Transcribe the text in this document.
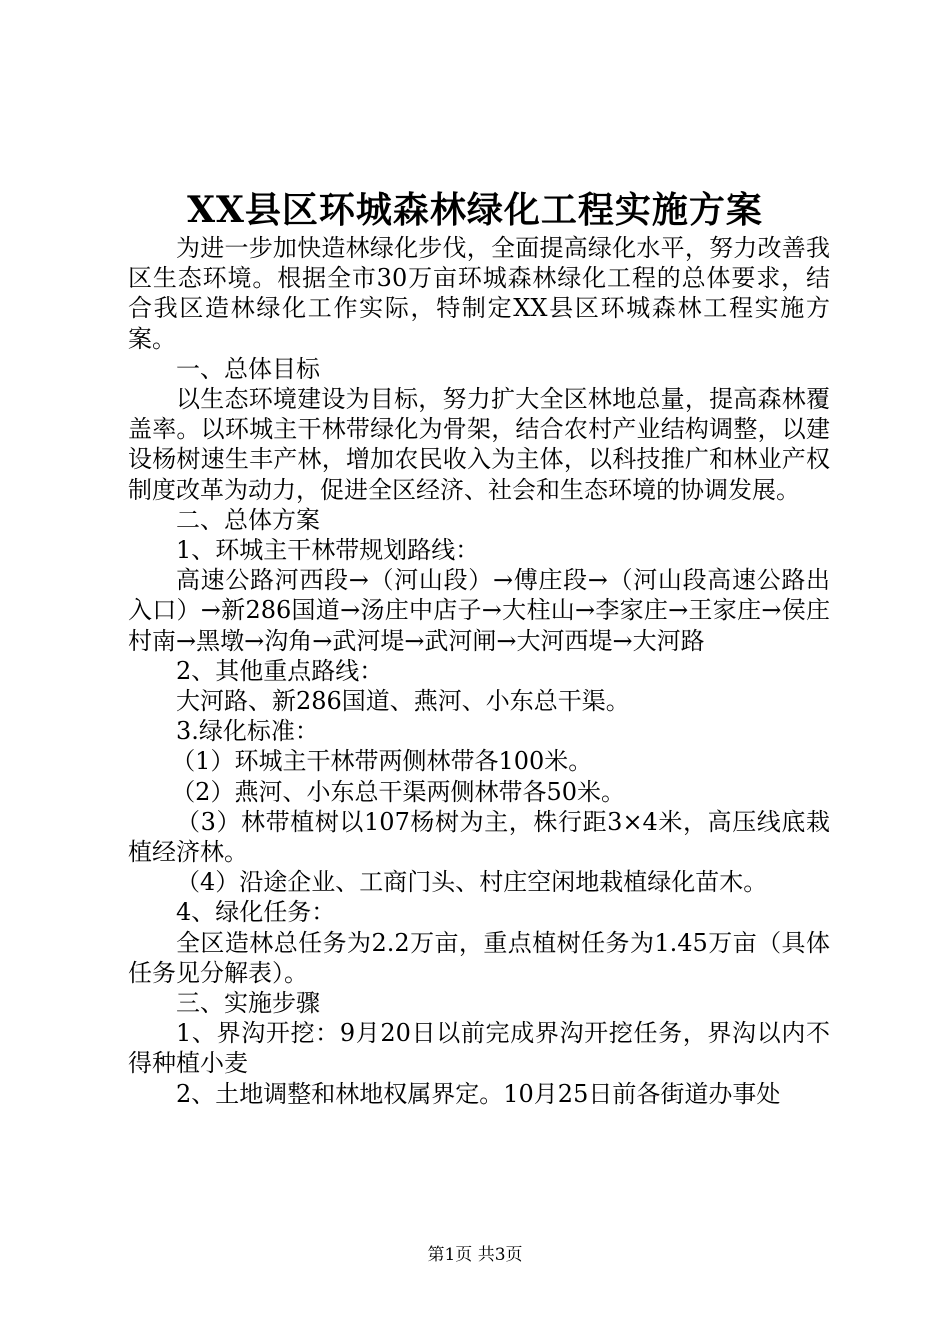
XX县区环城森林绿化工程实施方案

为进一步加快造林绿化步伐，全面提高绿化水平，努力改善我区生态环境。根据全市30万亩环城森林绿化工程的总体要求，结合我区造林绿化工作实际，特制定XX县区环城森林工程实施方案。

一、总体目标

以生态环境建设为目标，努力扩大全区林地总量，提高森林覆盖率。以环城主干林带绿化为骨架，结合农村产业结构调整，以建设杨树速生丰产林，增加农民收入为主体，以科技推广和林业产权制度改革为动力，促进全区经济、社会和生态环境的协调发展。

二、总体方案

1、环城主干林带规划路线：

高速公路河西段→（河山段）→傅庄段→（河山段高速公路出入口）→新286国道→汤庄中店子→大柱山→李家庄→王家庄→侯庄村南→黑墩→沟角→武河堤→武河闸→大河西堤→大河路

2、其他重点路线：

大河路、新286国道、燕河、小东总干渠。

3.绿化标准：

（1）环城主干林带两侧林带各100米。

（2）燕河、小东总干渠两侧林带各50米。

（3）林带植树以107杨树为主，株行距3×4米，高压线底栽植经济林。

（4）沿途企业、工商门头、村庄空闲地栽植绿化苗木。

4、绿化任务：

全区造林总任务为2.2万亩，重点植树任务为1.45万亩（具体任务见分解表）。

三、实施步骤

1、界沟开挖：9月20日以前完成界沟开挖任务，界沟以内不得种植小麦

2、土地调整和林地权属界定。10月25日前各街道办事处

第1页 共3页
